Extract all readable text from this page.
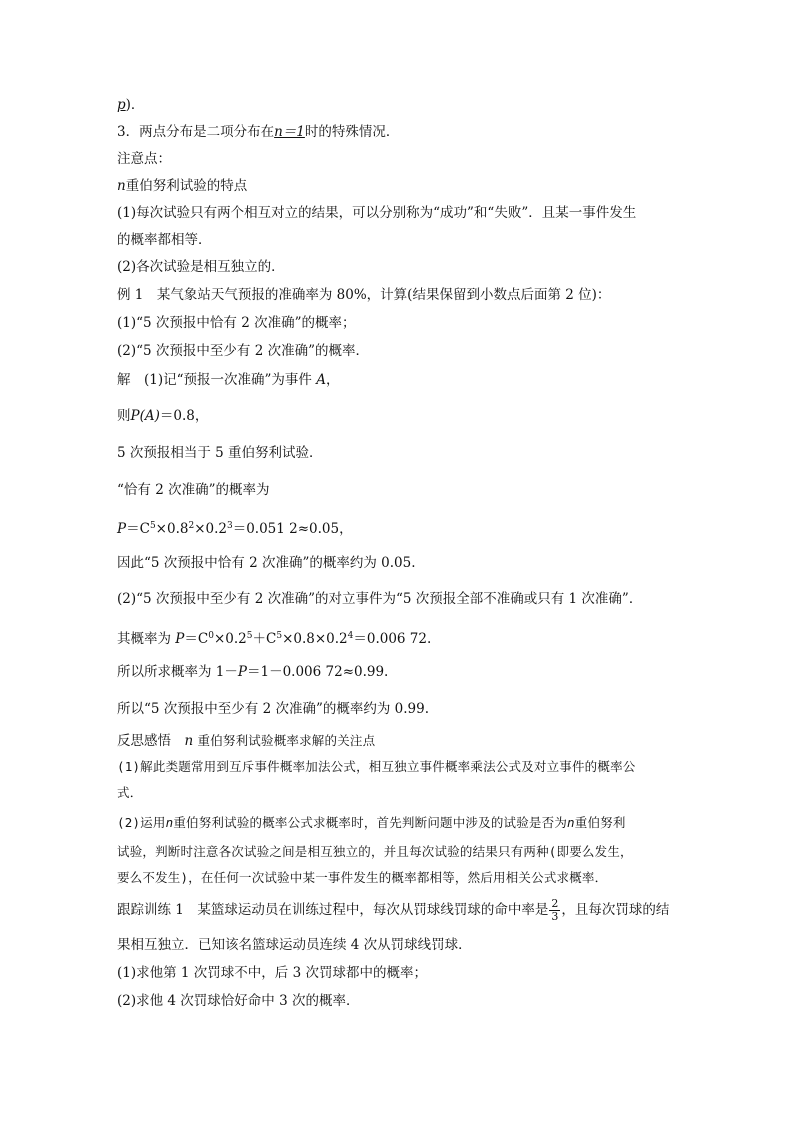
p)．
3．两点分布是二项分布在n＝1时的特殊情况．
注意点：
n重伯努利试验的特点
(1)每次试验只有两个相互对立的结果，可以分别称为“成功”和“失败”．且某一事件发生
的概率都相等．
(2)各次试验是相互独立的．
例 1　某气象站天气预报的准确率为 80%，计算(结果保留到小数点后面第 2 位)：
(1)“5 次预报中恰有 2 次准确”的概率；
(2)“5 次预报中至少有 2 次准确”的概率．
解　(1)记“预报一次准确”为事件 A，
则P(A)＝0.8，
5 次预报相当于 5 重伯努利试验．
“恰有 2 次准确”的概率为
$P=C^5\times 0.8^2\times 0.2^3=0.051$ 2≈0.05，
因此“5 次预报中恰有 2 次准确”的概率约为 0.05.
(2)“5 次预报中至少有 2 次准确”的对立事件为“5 次预报全部不准确或只有 1 次准确”．
其概率为 $P=C^0\times 0.2^5+C^5\times 0.8\times 0.2^4=0.006$ 72.
所以所求概率为 1－P＝1－0.006 72≈0.99.
所以“5 次预报中至少有 2 次准确”的概率约为 0.99.
反思感悟　n 重伯努利试验概率求解的关注点
(1)解此类题常用到互斥事件概率加法公式，相互独立事件概率乘法公式及对立事件的概率公
式．
(2)运用n重伯努利试验的概率公式求概率时，首先判断问题中涉及的试验是否为n重伯努利
试验，判断时注意各次试验之间是相互独立的，并且每次试验的结果只有两种(即要么发生，
要么不发生)，在任何一次试验中某一事件发生的概率都相等，然后用相关公式求概率．
跟踪训练 1　某篮球运动员在训练过程中，每次从罚球线罚球的命中率是 $\frac{2}{3}$ ，且每次罚球的结
果相互独立．已知该名篮球运动员连续 4 次从罚球线罚球．
(1)求他第 1 次罚球不中，后 3 次罚球都中的概率；
(2)求他 4 次罚球恰好命中 3 次的概率．
